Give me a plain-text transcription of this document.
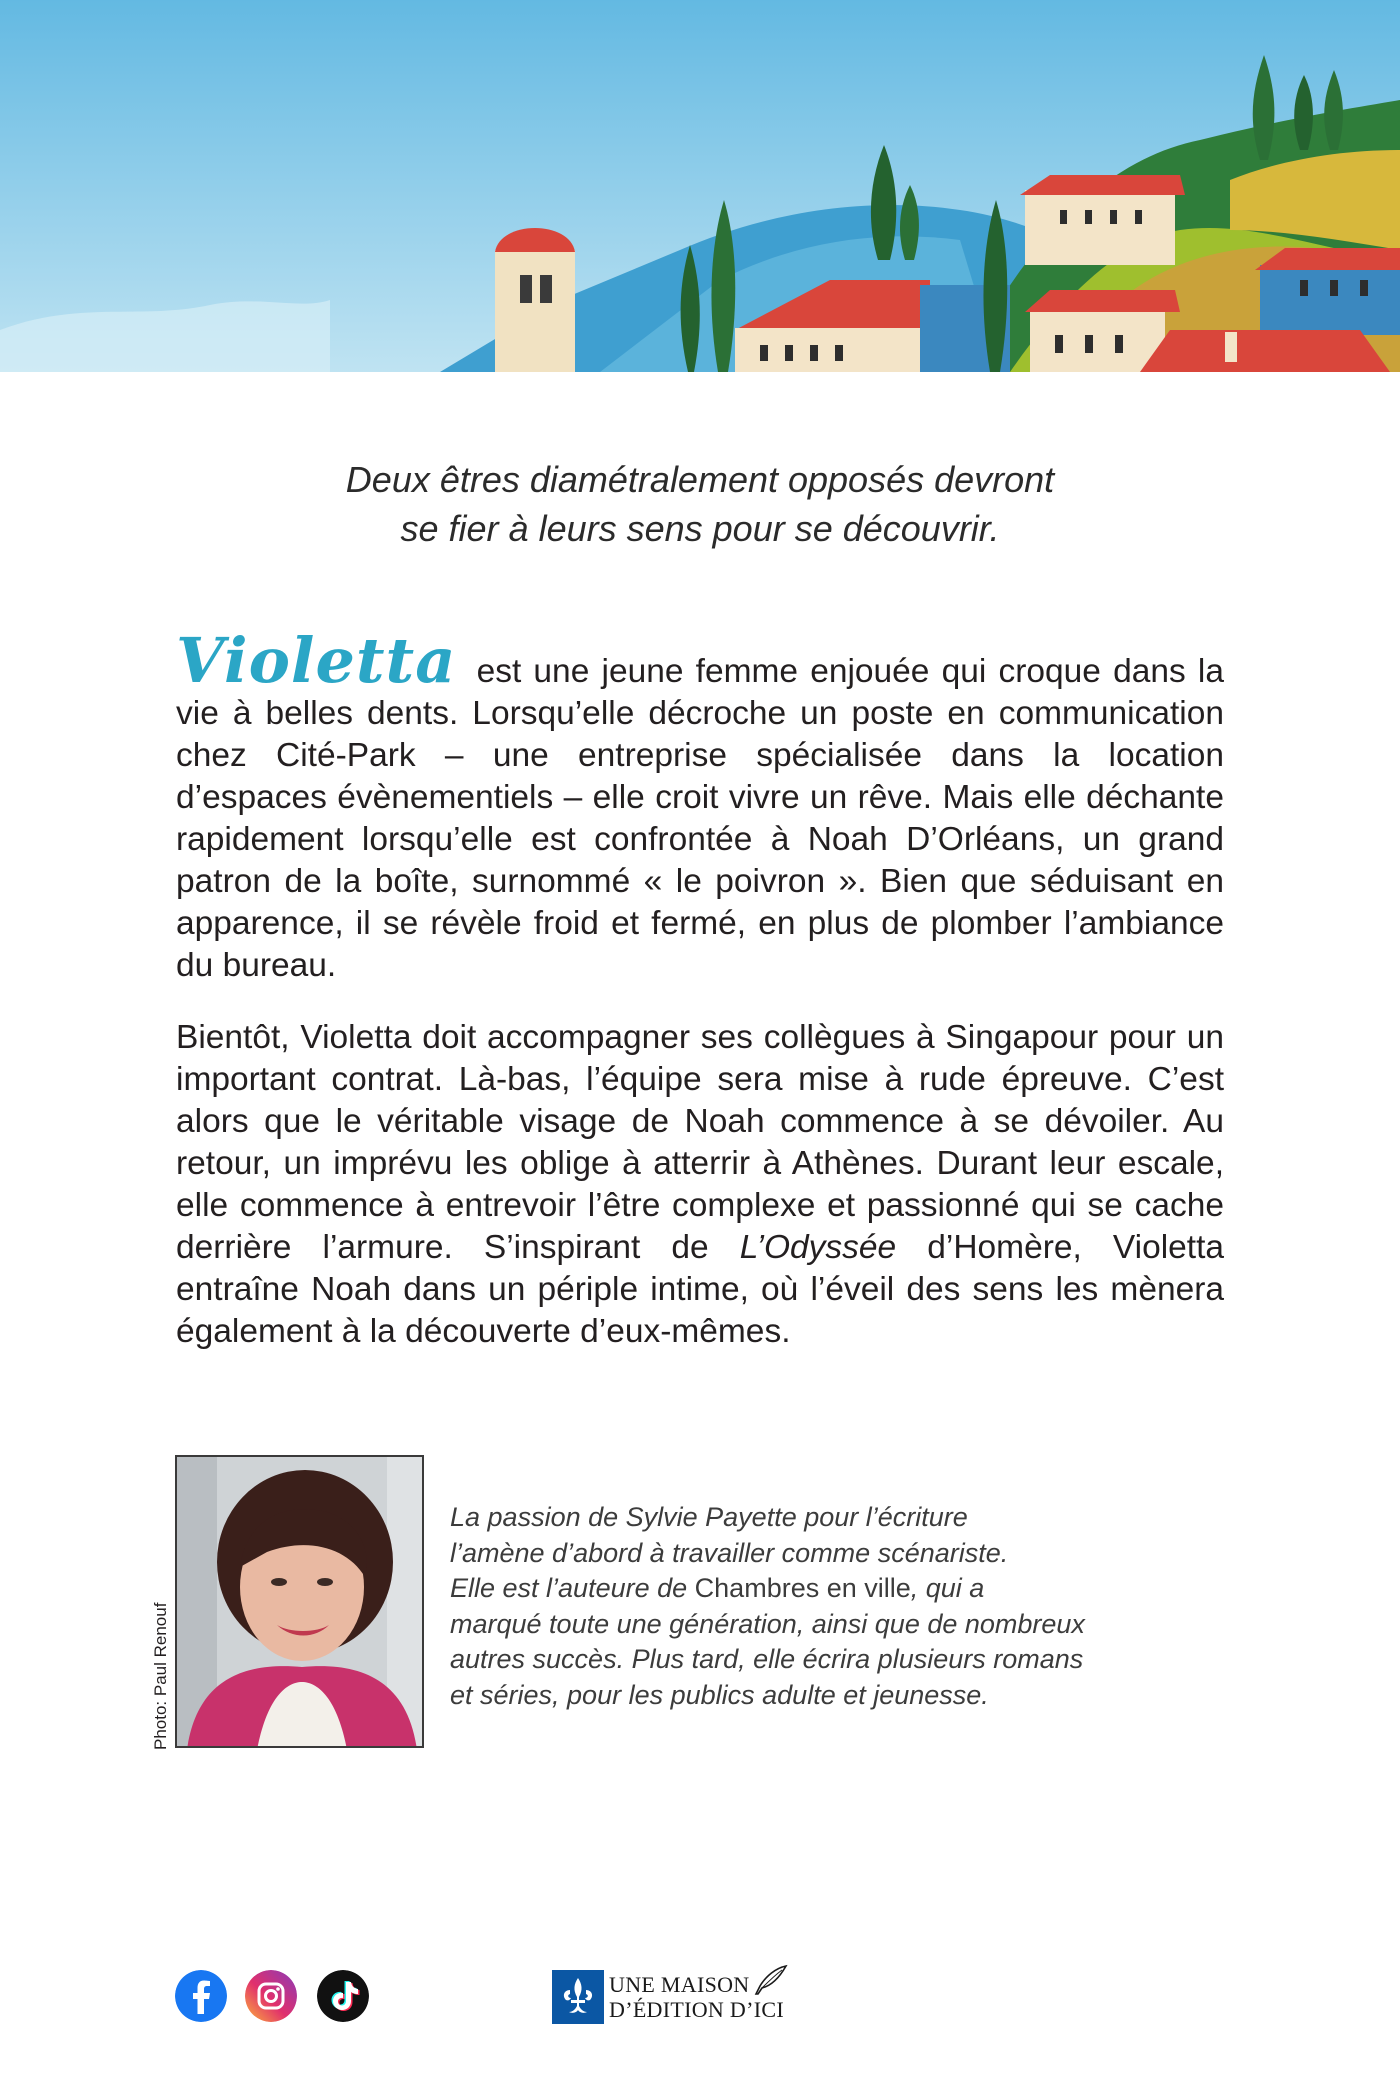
Deux êtres diamétralement opposés devront
se fier à leurs sens pour se découvrir.

Violetta est une jeune femme enjouée qui croque dans la vie à belles dents. Lorsqu’elle décroche un poste en communication chez Cité-Park – une entreprise spécialisée dans la location d’espaces évènementiels – elle croit vivre un rêve. Mais elle déchante rapidement lorsqu’elle est confrontée à Noah D’Orléans, un grand patron de la boîte, surnommé « le poivron ». Bien que séduisant en apparence, il se révèle froid et fermé, en plus de plomber l’ambiance du bureau.

Bientôt, Violetta doit accompagner ses collègues à Singapour pour un important contrat. Là-bas, l’équipe sera mise à rude épreuve. C’est alors que le véritable visage de Noah commence à se dévoiler. Au retour, un imprévu les oblige à atterrir à Athènes. Durant leur escale, elle commence à entrevoir l’être complexe et passionné qui se cache derrière l’armure. S’inspirant de L’Odyssée d’Homère, Violetta entraîne Noah dans un périple intime, où l’éveil des sens les mènera également à la découverte d’eux-mêmes.

Photo: Paul Renouf
La passion de Sylvie Payette pour l’écriture
l’amène d’abord à travailler comme scénariste.
Elle est l’auteure de Chambres en ville, qui a
marqué toute une génération, ainsi que de nombreux
autres succès. Plus tard, elle écrira plusieurs romans
et séries, pour les publics adulte et jeunesse.
UNE MAISON
D’ÉDITION D’ICI
